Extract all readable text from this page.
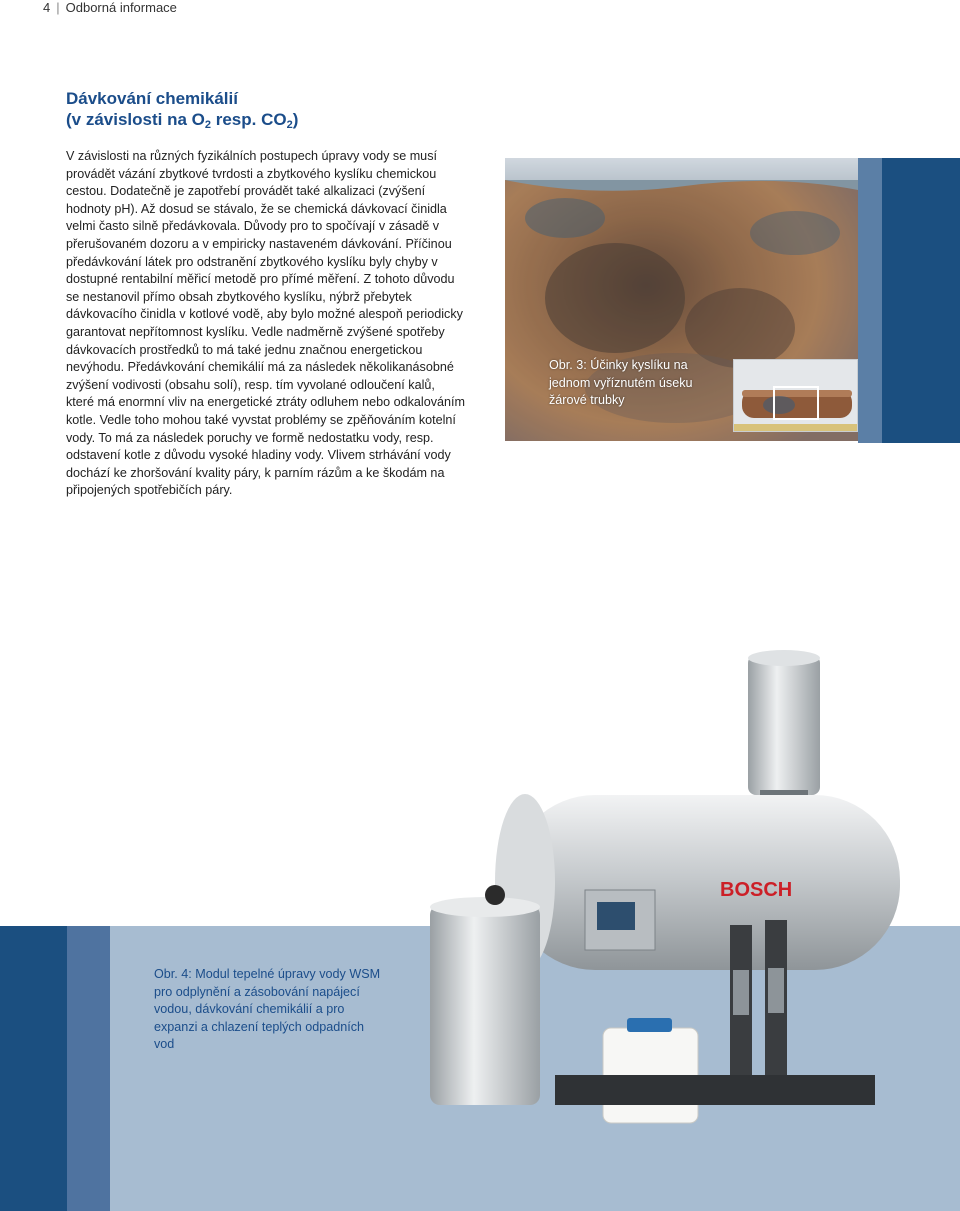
4 | Odborná informace
Dávkování chemikálií
(v závislosti na $O_2$ resp. $CO_2$)

V závislosti na různých fyzikálních postupech úpravy vody se musí provádět vázání zbytkové tvrdosti a zbytkového kyslíku chemickou cestou. Dodatečně je zapotřebí provádět také alkalizaci (zvýšení hodnoty pH). Až dosud se stávalo, že se chemická dávkovací činidla velmi často silně předávkovala. Důvody pro to spočívají v zásadě v přerušovaném dozoru a v empiricky nastaveném dávkování. Příčinou předávkování látek pro odstranění zbytkového kyslíku byly chyby v dostupné rentabilní měřicí metodě pro přímé měření. Z tohoto důvodu se nestanovil přímo obsah zbytkového kyslíku, nýbrž přebytek dávkovacího činidla v kotlové vodě, aby bylo možné alespoň periodicky garantovat nepřítomnost kyslíku. Vedle nadměrně zvýšené spotřeby dávkovacích prostředků to má také jednu značnou energetickou nevýhodu. Předávkování chemikálií má za následek několikanásobné zvýšení vodivosti (obsahu solí), resp. tím vyvolané odloučení kalů, které má enormní vliv na energetické ztráty odluhem nebo odkalováním kotle. Vedle toho mohou také vyvstat problémy se zpěňováním kotelní vody. To má za následek poruchy ve formě nedostatku vody, resp. odstavení kotle z důvodu vysoké hladiny vody. Vlivem strhávání vody dochází ke zhoršování kvality páry, k parním rázům a ke škodám na připojených spotřebičích páry.

Obr. 3: Účinky kyslíku na jednom vyříznutém úseku žárové trubky

Obr. 4: Modul tepelné úpravy vody WSM pro odplynění a zásobování napájecí vodou, dávkování chemikálií a pro expanzi a chlazení teplých odpadních vod

BOSCH
